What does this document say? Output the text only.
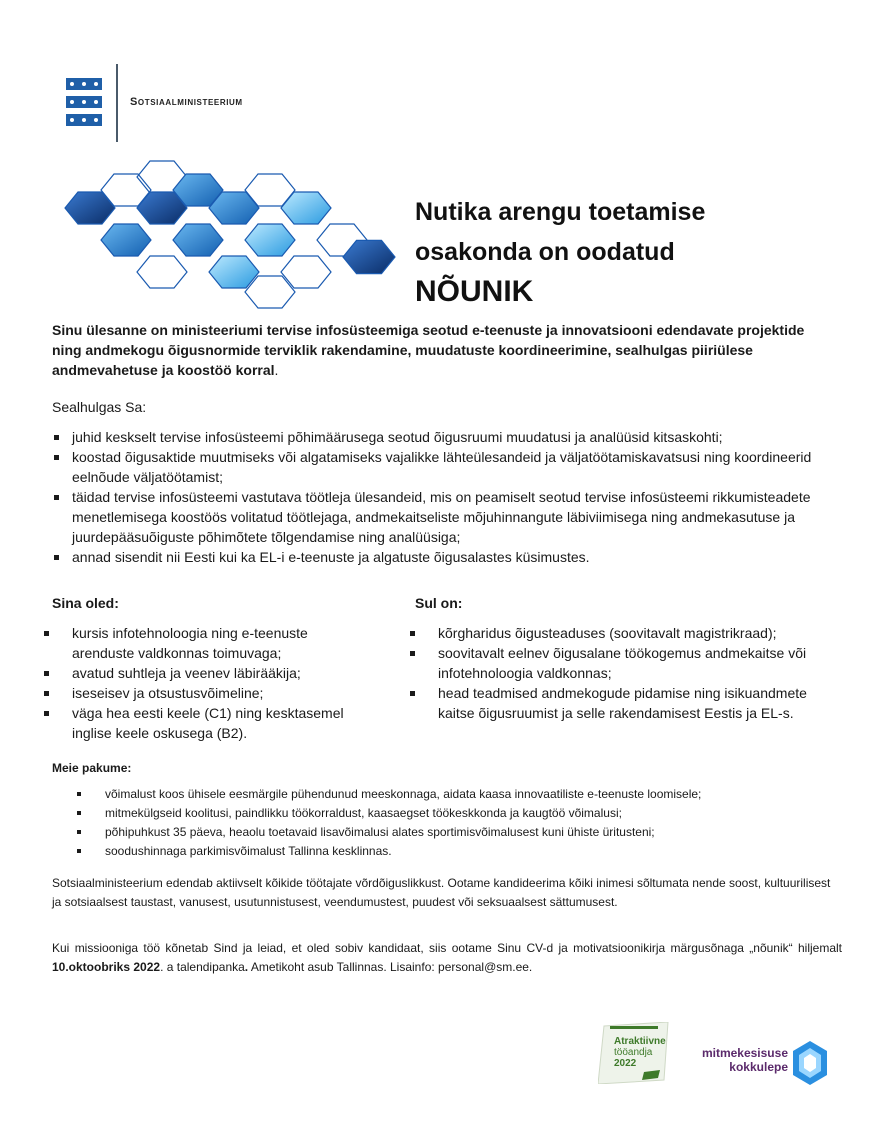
Sotsiaalministeerium
Nutika arengu toetamise
osakonda on oodatud
NÕUNIK
Sinu ülesanne on ministeeriumi tervise infosüsteemiga seotud e-teenuste ja innovatsiooni edendavate projektide ning andmekogu õigusnormide terviklik rakendamine, muudatuste koordineerimine, sealhulgas piiriülese andmevahetuse ja koostöö korral.
Sealhulgas Sa:
juhid keskselt tervise infosüsteemi põhimäärusega seotud õigusruumi muudatusi ja analüüsid kitsaskohti;
koostad õigusaktide muutmiseks või algatamiseks vajalikke lähteülesandeid ja väljatöötamiskavatsusi ning koordineerid eelnõude väljatöötamist;
täidad tervise infosüsteemi vastutava töötleja ülesandeid, mis on peamiselt seotud tervise infosüsteemi rikkumisteadete menetlemisega koostöös volitatud töötlejaga, andmekaitseliste mõjuhinnangute läbiviimisega ning andmekasutuse ja juurdepääsuõiguste põhimõtete tõlgendamise ning analüüsiga;
annad sisendit nii Eesti kui ka EL-i e-teenuste ja algatuste õigusalastes küsimustes.
Sina oled:	Sul on:
kursis infotehnoloogia ning e-teenuste arenduste valdkonnas toimuvaga;
avatud suhtleja ja veenev läbirääkija;
iseseisev ja otsustusvõimeline;
väga hea eesti keele (C1) ning kesktasemel inglise keele oskusega (B2).
kõrgharidus õigusteaduses (soovitavalt magistrikraad);
soovitavalt eelnev õigusalane töökogemus andmekaitse või infotehnoloogia valdkonnas;
head teadmised andmekogude pidamise ning isikuandmete kaitse õigusruumist ja selle rakendamisest Eestis ja EL-s.
Meie pakume:
võimalust koos ühisele eesmärgile pühendunud meeskonnaga, aidata kaasa innovaatiliste e-teenuste loomisele;
mitmekülgseid koolitusi, paindlikku töökorraldust, kaasaegset töökeskkonda ja kaugtöö võimalusi;
põhipuhkust 35 päeva, heaolu toetavaid lisavõimalusi alates sportimisvõimalusest kuni ühiste üritusteni;
soodushinnaga parkimisvõimalust Tallinna kesklinnas.
Sotsiaalministeerium edendab aktiivselt kõikide töötajate võrdõiguslikkust. Ootame kandideerima kõiki inimesi sõltumata nende soost, kultuurilisest ja sotsiaalsest taustast, vanusest, usutunnistusest, veendumustest, puudest või seksuaalsest sättumusest.
Kui missiooniga töö kõnetab Sind ja leiad, et oled sobiv kandidaat, siis ootame Sinu CV-d ja motivatsioonikirja märgusõnaga „nõunik“ hiljemalt 10.oktoobriks 2022. a talendipanka. Ametikoht asub Tallinnas. Lisainfo: personal@sm.ee.
Atraktiivne
tööandja
2022
mitmekesisuse
kokkulepe
